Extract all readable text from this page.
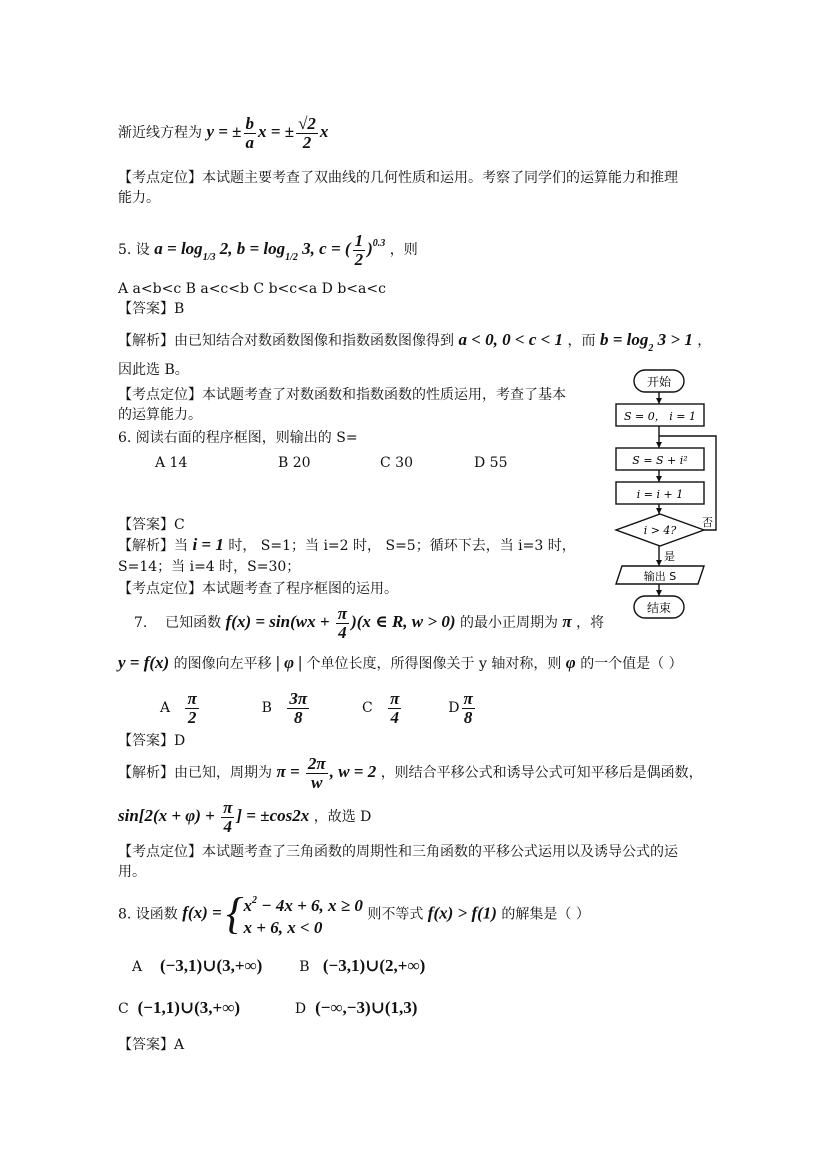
渐近线方程为 y = ± $\frac{b}{a}$ x = ± $\frac{√2}{2}$ x
【考点定位】本试题主要考查了双曲线的几何性质和运用。考察了同学们的运算能力和推理
能力。
5. 设 $a = \log_{1/3} 2$, $b = \log_{1/2} 3$, c = ( $\frac{1}{2} )^{0.3}$ ，则
A a<b<c B a<c<b C b<c<a D b<a<c
【答案】B
【解析】由已知结合对数函数图像和指数函数图像得到 a < 0, 0 < c < 1 ，而 $b = \log_2 3 > 1$ ，
因此选 B。
【考点定位】本试题考查了对数函数和指数函数的性质运用，考查了基本
的运算能力。
6. 阅读右面的程序框图，则输出的 S=
A 14	B 20	C 30	D 55
【答案】C
【解析】当 i = 1 时， S=1；当 i=2 时， S=5；循环下去，当 i=3 时，
S=14；当 i=4 时，S=30；
【考点定位】本试题考查了程序框图的运用。
开始
S = 0， i = 1
S = S + i²
i = i + 1
i > 4?
否
是
输出 S
结束
7. 已知函数 $f(x) = \sin(wx + \frac{\pi}{4} )(x$ ∈ R, w > 0) 的最小正周期为 π ，将
y = f(x) 的图像向左平移 | φ | 个单位长度，所得图像关于 y 轴对称，则 φ 的一个值是（ ）
A $\frac{\pi}{2}$	B $\frac{3\pi}{8}$	C $\frac{\pi}{4}$	D $\frac{\pi}{8}$
【答案】D
【解析】由已知，周期为 $\pi = \frac{2\pi}{w}$ , w = 2 ，则结合平移公式和诱导公式可知平移后是偶函数，
$\sin[2(x + \varphi) + \frac{\pi}{4}$ ] = ±cos2x ，故选 D
【考点定位】本试题考查了三角函数的周期性和三角函数的平移公式运用以及诱导公式的运
用。
8. 设函数 $f(x) = \{x^2 - 4x + 6$, x ≥ 0
x + 6, x < 0 则不等式 f(x) > f(1) 的解集是（ ）
A (−3,1)∪(3,+∞)	B (−3,1)∪(2,+∞)
C (−1,1)∪(3,+∞)	D (−∞,−3)∪(1,3)
【答案】A
